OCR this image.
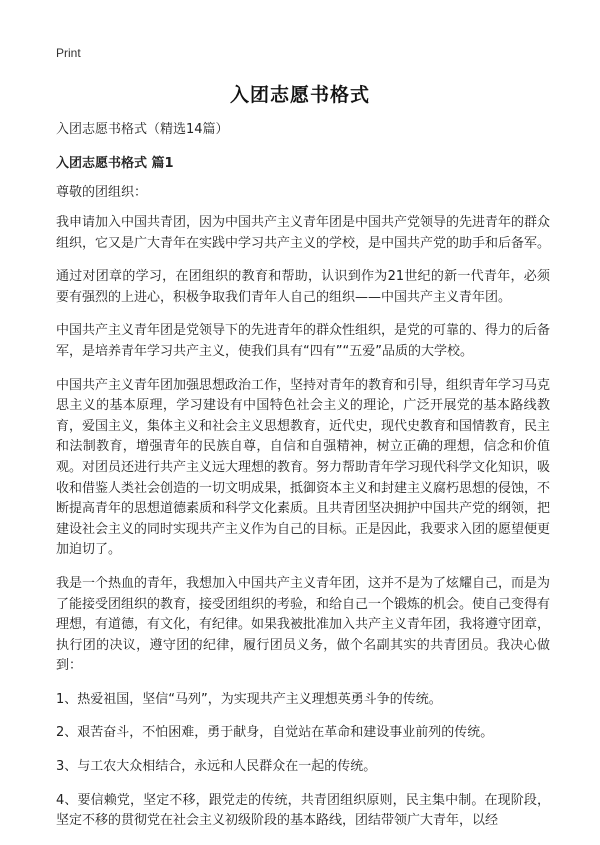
Print
入团志愿书格式
入团志愿书格式（精选14篇）
入团志愿书格式 篇1
尊敬的团组织：

我申请加入中国共青团，因为中国共产主义青年团是中国共产党领导的先进青年的群众组织，它又是广大青年在实践中学习共产主义的学校，是中国共产党的助手和后备军。

通过对团章的学习，在团组织的教育和帮助，认识到作为21世纪的新一代青年，必须要有强烈的上进心，积极争取我们青年人自己的组织——中国共产主义青年团。

中国共产主义青年团是党领导下的先进青年的群众性组织，是党的可靠的、得力的后备军，是培养青年学习共产主义，使我们具有“四有”“五爱”品质的大学校。

中国共产主义青年团加强思想政治工作，坚持对青年的教育和引导，组织青年学习马克思主义的基本原理，学习建设有中国特色社会主义的理论，广泛开展党的基本路线教育，爱国主义，集体主义和社会主义思想教育，近代史，现代史教育和国情教育，民主和法制教育，增强青年的民族自尊，自信和自强精神，树立正确的理想，信念和价值观。对团员还进行共产主义远大理想的教育。努力帮助青年学习现代科学文化知识，吸收和借鉴人类社会创造的一切文明成果，抵御资本主义和封建主义腐朽思想的侵蚀，不断提高青年的思想道德素质和科学文化素质。且共青团坚决拥护中国共产党的纲领，把建设社会主义的同时实现共产主义作为自己的目标。正是因此，我要求入团的愿望便更加迫切了。

我是一个热血的青年，我想加入中国共产主义青年团，这并不是为了炫耀自己，而是为了能接受团组织的教育，接受团组织的考验，和给自己一个锻炼的机会。使自己变得有理想，有道德，有文化，有纪律。如果我被批准加入共产主义青年团，我将遵守团章，执行团的决议，遵守团的纪律，履行团员义务，做个名副其实的共青团员。我决心做到：

1、热爱祖国，坚信“马列”，为实现共产主义理想英勇斗争的传统。

2、艰苦奋斗，不怕困难，勇于献身，自觉站在革命和建设事业前列的传统。

3、与工农大众相结合，永远和人民群众在一起的传统。

4、要信赖党，坚定不移，跟党走的传统，共青团组织原则，民主集中制。在现阶段，坚定不移的贯彻党在社会主义初级阶段的基本路线，团结带领广大青年，以经
